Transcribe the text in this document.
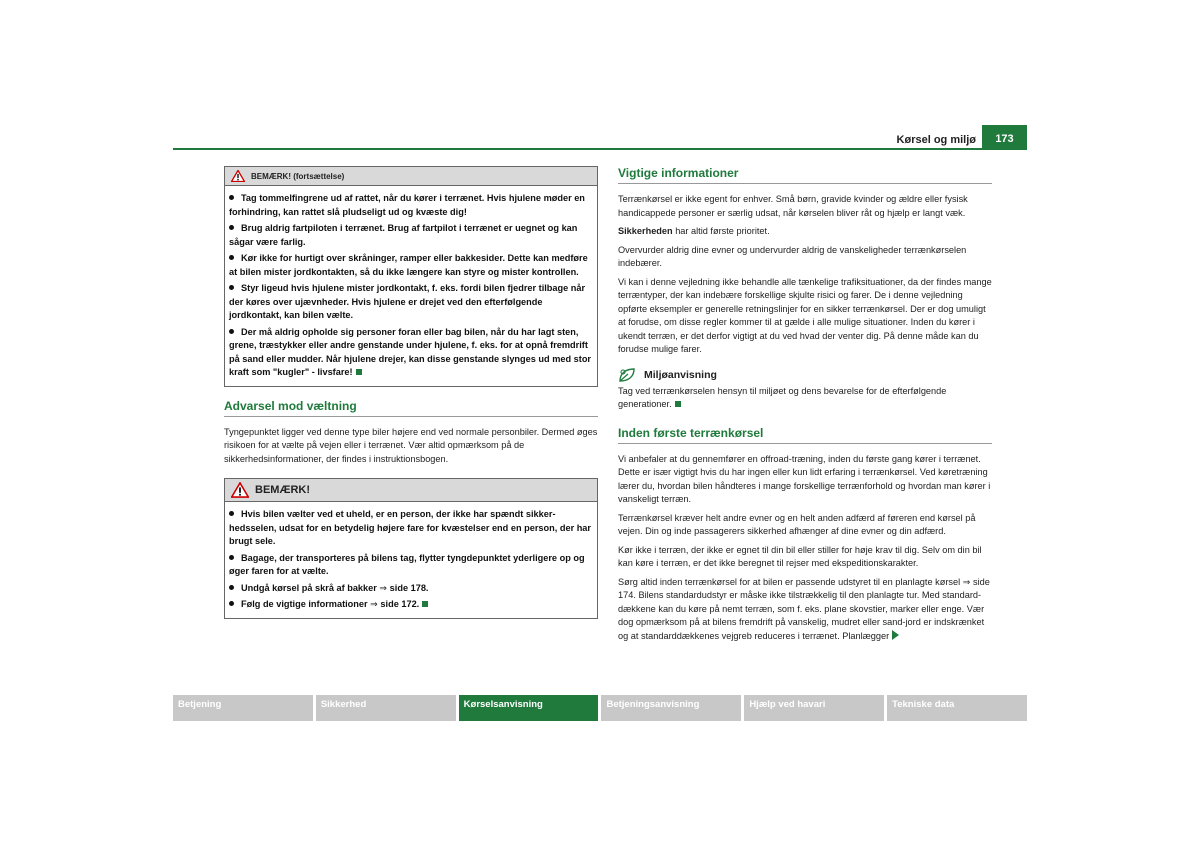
Kørsel og miljø	173
BEMÆRK! (fortsættelse)

Tag tommelfingrene ud af rattet, når du kører i terrænet. Hvis hjulene møder en forhindring, kan rattet slå pludseligt ud og kvæste dig!

Brug aldrig fartpiloten i terrænet. Brug af fartpilot i terrænet er uegnet og kan sågar være farlig.

Kør ikke for hurtigt over skråninger, ramper eller bakkesider. Dette kan medføre at bilen mister jordkontakten, så du ikke længere kan styre og mister kontrollen.

Styr ligeud hvis hjulene mister jordkontakt, f. eks. fordi bilen fjedrer tilbage når der køres over ujævnheder. Hvis hjulene er drejet ved den efterfølgende jordkontakt, kan bilen vælte.

Der må aldrig opholde sig personer foran eller bag bilen, når du har lagt sten, grene, træstykker eller andre genstande under hjulene, f. eks. for at opnå fremdrift på sand eller mudder. Når hjulene drejer, kan disse genstande slynges ud med stor kraft som "kugler" - livsfare!

Advarsel mod væltning

Tyngepunktet ligger ved denne type biler højere end ved normale personbiler. Dermed øges risikoen for at vælte på vejen eller i terrænet. Vær altid opmærksom på de sikkerhedsinformationer, der findes i instruktionsbogen.

BEMÆRK!

Hvis bilen vælter ved et uheld, er en person, der ikke har spændt sikker-hedsselen, udsat for en betydelig højere fare for kvæstelser end en person, der har brugt sele.

Bagage, der transporteres på bilens tag, flytter tyngdepunktet yderligere op og øger faren for at vælte.

Undgå kørsel på skrå af bakker ⇒ side 178.

Følg de vigtige informationer ⇒ side 172.

Vigtige informationer

Terrænkørsel er ikke egent for enhver. Små børn, gravide kvinder og ældre eller fysisk handicappede personer er særlig udsat, når kørselen bliver råt og hjælp er langt væk.

Sikkerheden har altid første prioritet.

Overvurder aldrig dine evner og undervurder aldrig de vanskeligheder terrænkørselen indebærer.

Vi kan i denne vejledning ikke behandle alle tænkelige trafiksituationer, da der findes mange terræntyper, der kan indebære forskellige skjulte risici og farer. De i denne vejledning opførte eksempler er generelle retningslinjer for en sikker terrænkørsel. Der er dog umuligt at forudse, om disse regler kommer til at gælde i alle mulige situationer. Inden du kører i ukendt terræn, er det derfor vigtigt at du ved hvad der venter dig. På denne måde kan du forudse mulige farer.

Miljøanvisning

Tag ved terrænkørselen hensyn til miljøet og dens bevarelse for de efterfølgende generationer.

Inden første terrænkørsel

Vi anbefaler at du gennemfører en offroad-træning, inden du første gang kører i terrænet. Dette er især vigtigt hvis du har ingen eller kun lidt erfaring i terrænkørsel. Ved køretræning lærer du, hvordan bilen håndteres i mange forskellige terrænforhold og hvordan man kører i vanskeligt terræn.

Terrænkørsel kræver helt andre evner og en helt anden adfærd af føreren end kørsel på vejen. Din og inde passagerers sikkerhed afhænger af dine evner og din adfærd.

Kør ikke i terræn, der ikke er egnet til din bil eller stiller for høje krav til dig. Selv om din bil kan køre i terræn, er det ikke beregnet til rejser med ekspeditionskarakter.

Sørg altid inden terrænkørsel for at bilen er passende udstyret til en planlagte kørsel ⇒ side 174. Bilens standardudstyr er måske ikke tilstrækkelig til den planlagte tur. Med standard-dækkene kan du køre på nemt terræn, som f. eks. plane skovstier, marker eller enge. Vær dog opmærksom på at bilens fremdrift på vanskelig, mudret eller sand-jord er indskrænket og at standarddækkenes vejgreb reduceres i terrænet. Planlægger

Betjening	Sikkerhed	Kørselsanvisning	Betjeningsanvisning	Hjælp ved havari	Tekniske data
